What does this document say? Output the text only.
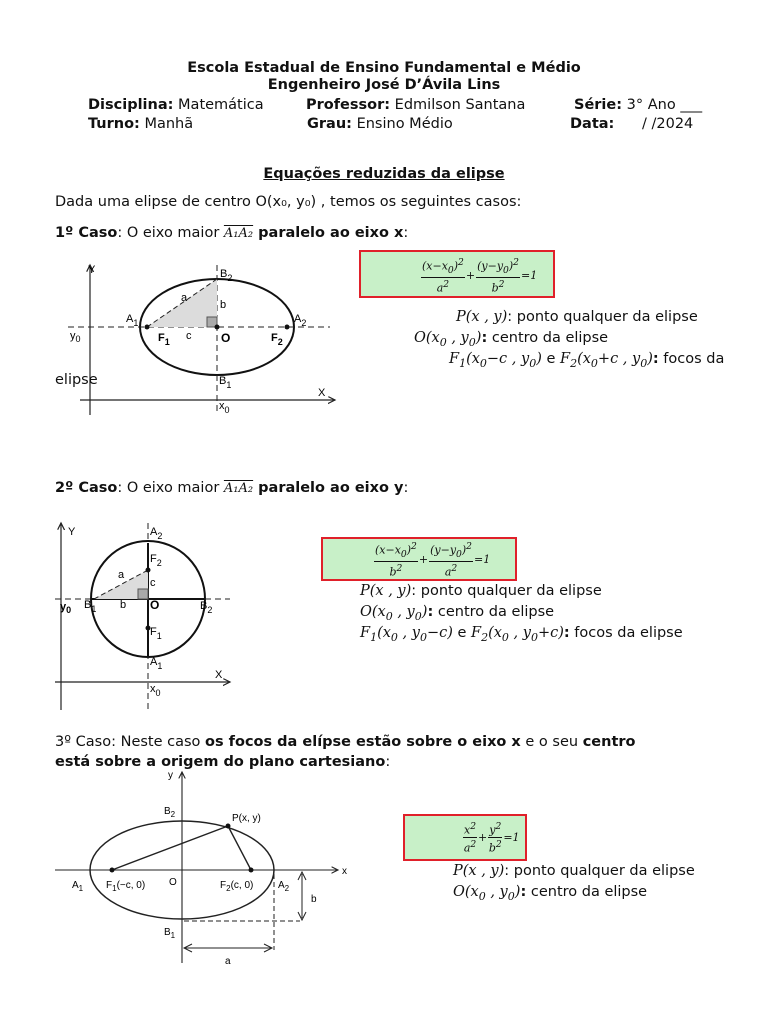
Escola Estadual de Ensino Fundamental e Médio
Engenheiro José D’Ávila Lins
Disciplina: Matemática	Professor: Edmilson Santana	Série: 3° Ano ___
Turno: Manhã	Grau: Ensino Médio	Data: / /2024
Equações reduzidas da elipse
Dada uma elipse de centro O(x₀, y₀) , temos os seguintes casos:
1º Caso: O eixo maior A₁A₂ paralelo ao eixo x:
Y	$B_2$
a
b
$A_1$	$A_2$
$y_0$	$F_1$ c O	$F_2$
$B_1$
X
$x_0$
$\frac{(x-x_0)^2}{a^2} + \frac{(y-y_0)^2}{b^2} =1$
P(x , y): ponto qualquer da elipse
$O(x_0$ , $y_0$): centro da elipse
$F_1(x_0-c$ , $y_0$) e $F_2(x_0+c$ , $y_0$): focos da
elipse
2º Caso: O eixo maior A₁A₂ paralelo ao eixo y:
Y	$A_2$
$F_2$
a
c
$y_0$ $B_1$ b O	$B_2$
$F_1$
$A_1$
X
$x_0$
$\frac{(x-x_0)^2}{b^2} + \frac{(y-y_0)^2}{a^2} =1$
P(x , y): ponto qualquer da elipse
$O(x_0$ , $y_0$): centro da elipse
$F_1(x_0$ , $y_0-c$) e $F_2(x_0$ , $y_0+c$): focos da elipse
3º Caso: Neste caso os focos da elípse estão sobre o eixo x e o seu centro
está sobre a origem do plano cartesiano:
y
$B_2$	P(x, y)
$A_1$ $F_1(-c$, 0) O	$F_2(c$, 0) $A_2$
x
b
$B_1$
a
$\frac{x^2}{a^2} + \frac{y^2}{b^2} =1$
P(x , y): ponto qualquer da elipse
$O(x_0$ , $y_0$): centro da elipse
